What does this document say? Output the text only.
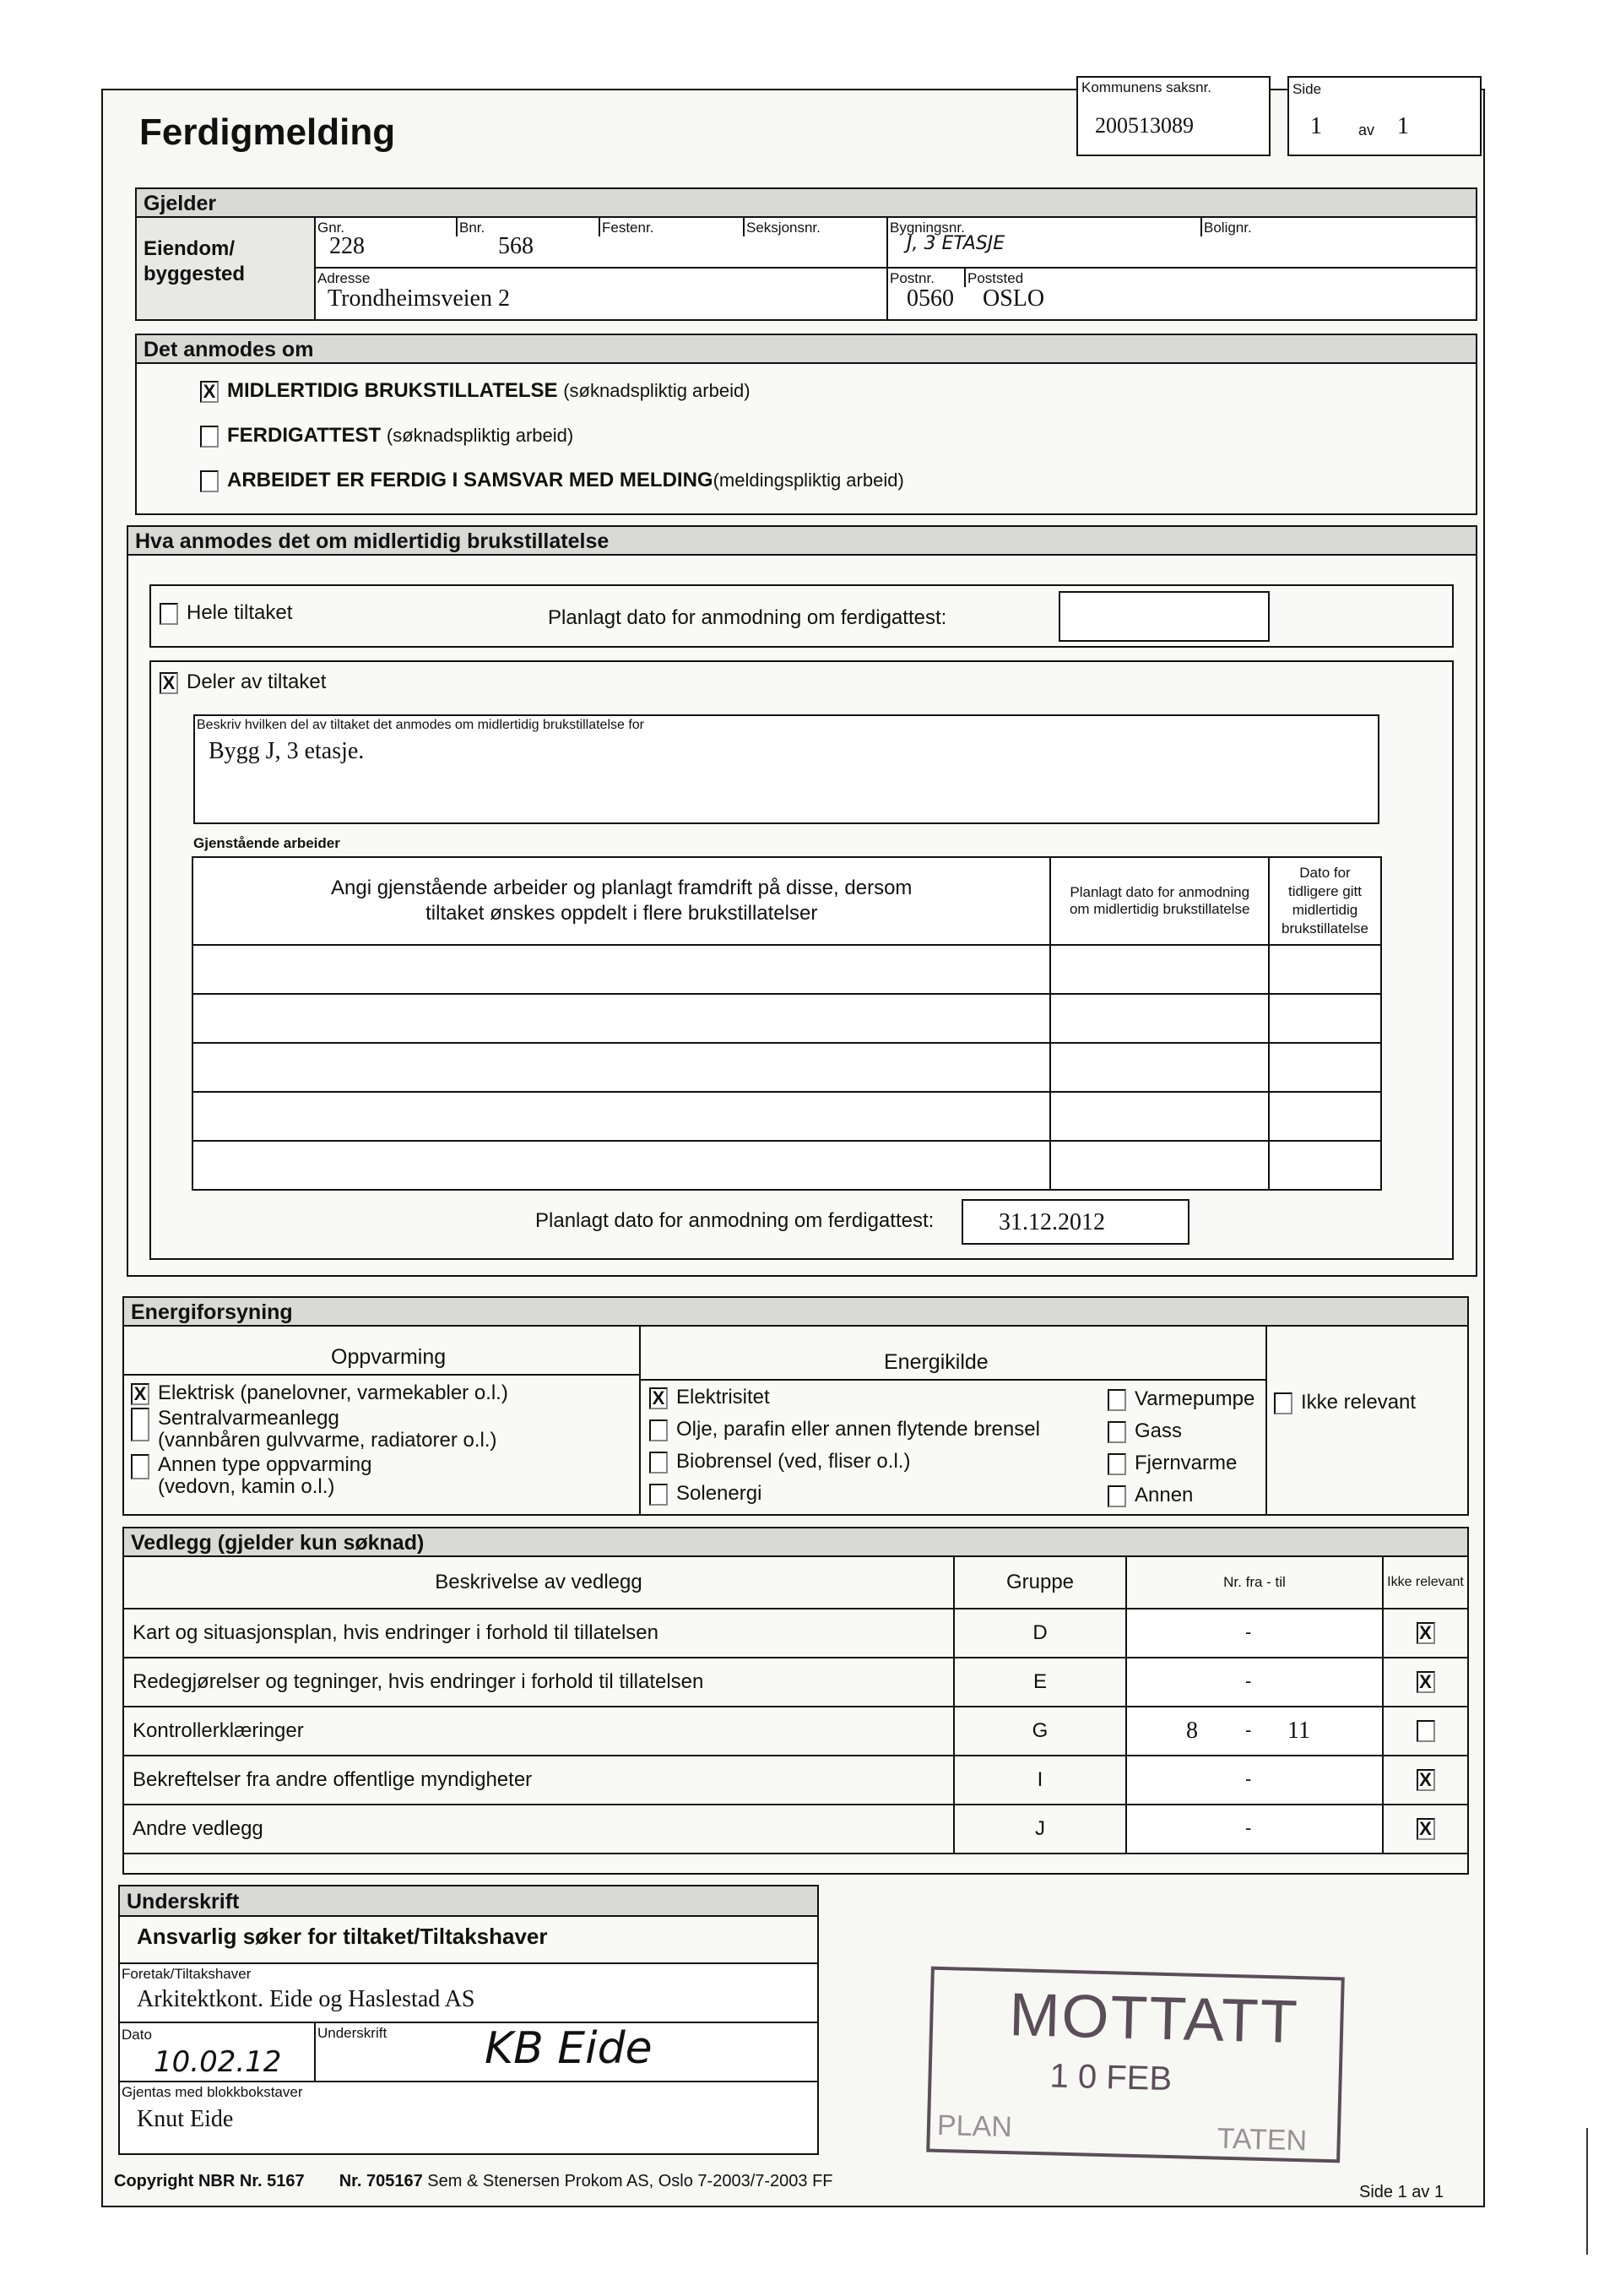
Ferdigmelding
Kommunens saksnr.
200513089
Side
1 av 1
Gjelder
Eiendom/
byggested
Gnr.
228
Bnr.
568
Festenr.	Seksjonsnr.	Bygningsnr.
J, 3 ETASJE
Bolignr.
Adresse
Trondheimsveien 2
Postnr.
0560
Poststed
OSLO
Det anmodes om
X MIDLERTIDIG BRUKSTILLATELSE (søknadspliktig arbeid)
FERDIGATTEST (søknadspliktig arbeid)
ARBEIDET ER FERDIG I SAMSVAR MED MELDING(meldingspliktig arbeid)
Hva anmodes det om midlertidig brukstillatelse
Hele tiltaket	Planlagt dato for anmodning om ferdigattest:
X Deler av tiltaket
Beskriv hvilken del av tiltaket det anmodes om midlertidig brukstillatelse for
Bygg J, 3 etasje.
Gjenstående arbeider
Angi gjenstående arbeider og planlagt framdrift på disse, dersom tiltaket ønskes oppdelt i flere brukstillatelser	Planlagt dato for anmodning om midlertidig brukstillatelse	Dato for tidligere gitt midlertidig brukstillatelse

Planlagt dato for anmodning om ferdigattest:	31.12.2012
Energiforsyning
Oppvarming	Energikilde
X Elektrisk (panelovner, varmekabler o.l.)
Sentralvarmeanlegg
(vannbåren gulvvarme, radiatorer o.l.)
Annen type oppvarming
(vedovn, kamin o.l.)
X Elektrisitet
Olje, parafin eller annen flytende brensel
Biobrensel (ved, fliser o.l.)
Solenergi
Varmepumpe
Gass
Fjernvarme
Annen
Ikke relevant
Vedlegg (gjelder kun søknad)
Beskrivelse av vedlegg	Gruppe	Nr. fra - til	Ikke relevant
Kart og situasjonsplan, hvis endringer i forhold til tillatelsen	D	-	X
Redegjørelser og tegninger, hvis endringer i forhold til tillatelsen	E	-	X
Kontrollerklæringer	G	8 - 11	

Bekreftelser fra andre offentlige myndigheter	I	-	X
Andre vedlegg	J	-	X
Underskrift
Ansvarlig søker for tiltaket/Tiltakshaver
Foretak/Tiltakshaver
Arkitektkont. Eide og Haslestad AS
Dato
10.02.12
Underskrift KB Eide
Gjentas med blokkbokstaver
Knut Eide
MOTTATT
1 0 FEB
PLAN	TATEN
Copyright NBR Nr. 5167 Nr. 705167 Sem & Stenersen Prokom AS, Oslo 7-2003/7-2003 FF
Side 1 av 1
